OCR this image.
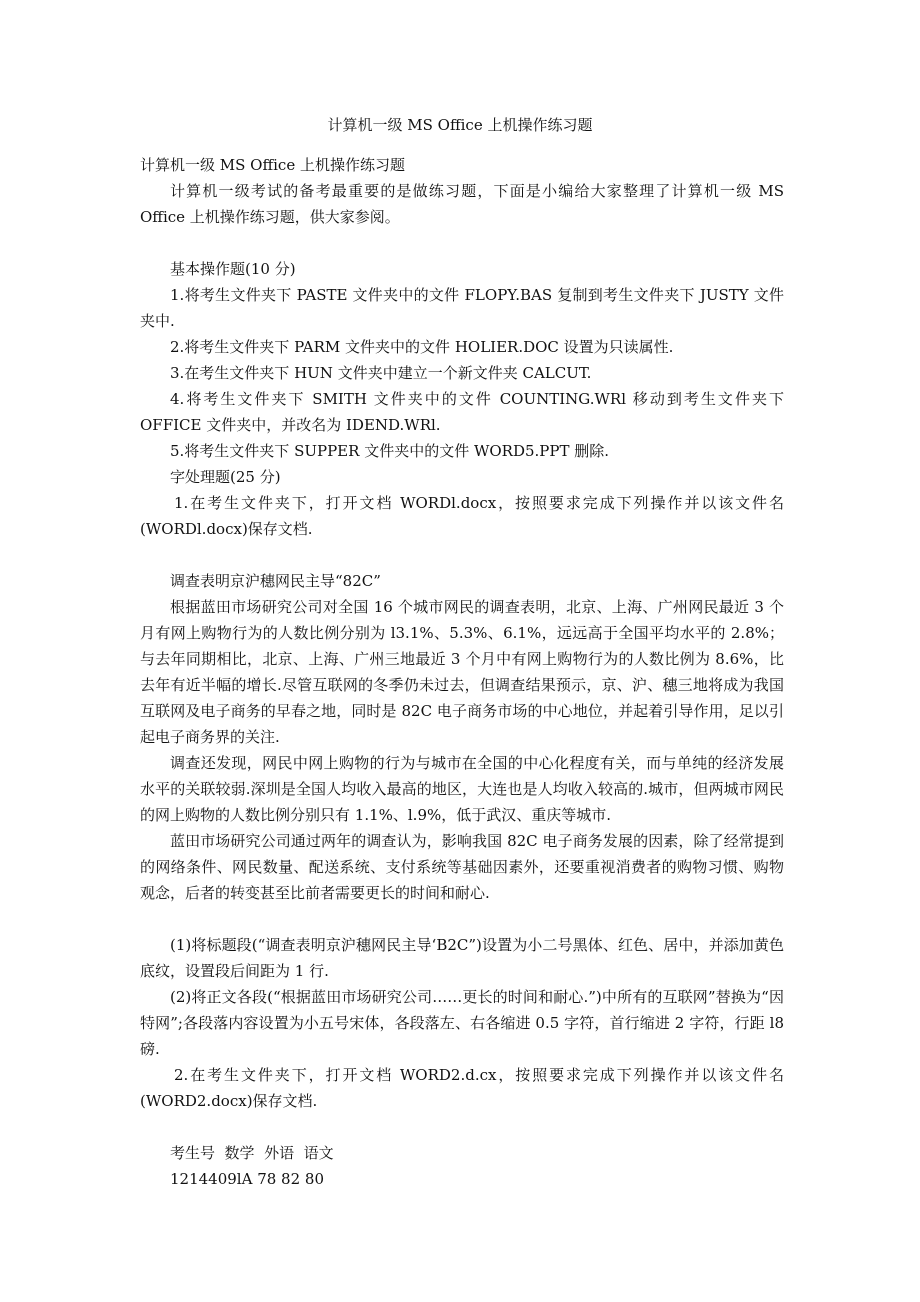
计算机一级 MS Office 上机操作练习题

计算机一级 MS Office 上机操作练习题

计算机一级考试的备考最重要的是做练习题，下面是小编给大家整理了计算机一级 MS Office 上机操作练习题，供大家参阅。

基本操作题(10 分)

1.将考生文件夹下 PASTE 文件夹中的文件 FLOPY.BAS 复制到考生文件夹下 JUSTY 文件夹中.

2.将考生文件夹下 PARM 文件夹中的文件 HOLIER.DOC 设置为只读属性.

3.在考生文件夹下 HUN 文件夹中建立一个新文件夹 CALCUT.

4.将考生文件夹下 SMITH 文件夹中的文件 COUNTING.WRl 移动到考生文件夹下 OFFICE 文件夹中，并改名为 IDEND.WRl.

5.将考生文件夹下 SUPPER 文件夹中的文件 WORD5.PPT 删除.

字处理题(25 分)

1.在考生文件夹下，打开文档 WORDl.docx，按照要求完成下列操作并以该文件名(WORDl.docx)保存文档.

调查表明京沪穗网民主导“82C”

根据蓝田市场研究公司对全国 16 个城市网民的调查表明，北京、上海、广州网民最近 3 个月有网上购物行为的人数比例分别为 l3.1%、5.3%、6.1%，远远高于全国平均水平的 2.8%；与去年同期相比，北京、上海、广州三地最近 3 个月中有网上购物行为的人数比例为 8.6%，比去年有近半幅的增长.尽管互联网的冬季仍未过去，但调查结果预示，京、沪、穗三地将成为我国互联网及电子商务的早春之地，同时是 82C 电子商务市场的中心地位，并起着引导作用，足以引起电子商务界的关注.

调查还发现，网民中网上购物的行为与城市在全国的中心化程度有关，而与单纯的经济发展水平的关联较弱.深圳是全国人均收入最高的地区，大连也是人均收入较高的.城市，但两城市网民的网上购物的人数比例分别只有 1.1%、l.9%，低于武汉、重庆等城市.

蓝田市场研究公司通过两年的调查认为，影响我国 82C 电子商务发展的因素，除了经常提到的网络条件、网民数量、配送系统、支付系统等基础因素外，还要重视消费者的购物习惯、购物观念，后者的转变甚至比前者需要更长的时间和耐心.

(1)将标题段(“调查表明京沪穗网民主导‘B2C”)设置为小二号黑体、红色、居中，并添加黄色底纹，设置段后间距为 1 行.

(2)将正文各段(“根据蓝田市场研究公司……更长的时间和耐心.”)中所有的互联网”替换为“因特网”;各段落内容设置为小五号宋体，各段落左、右各缩进 0.5 字符，首行缩进 2 字符，行距 l8 磅.

2.在考生文件夹下，打开文档 WORD2.d.cx，按照要求完成下列操作并以该文件名(WORD2.docx)保存文档.

考生号  数学  外语  语文

1214409lA 78 82 80
